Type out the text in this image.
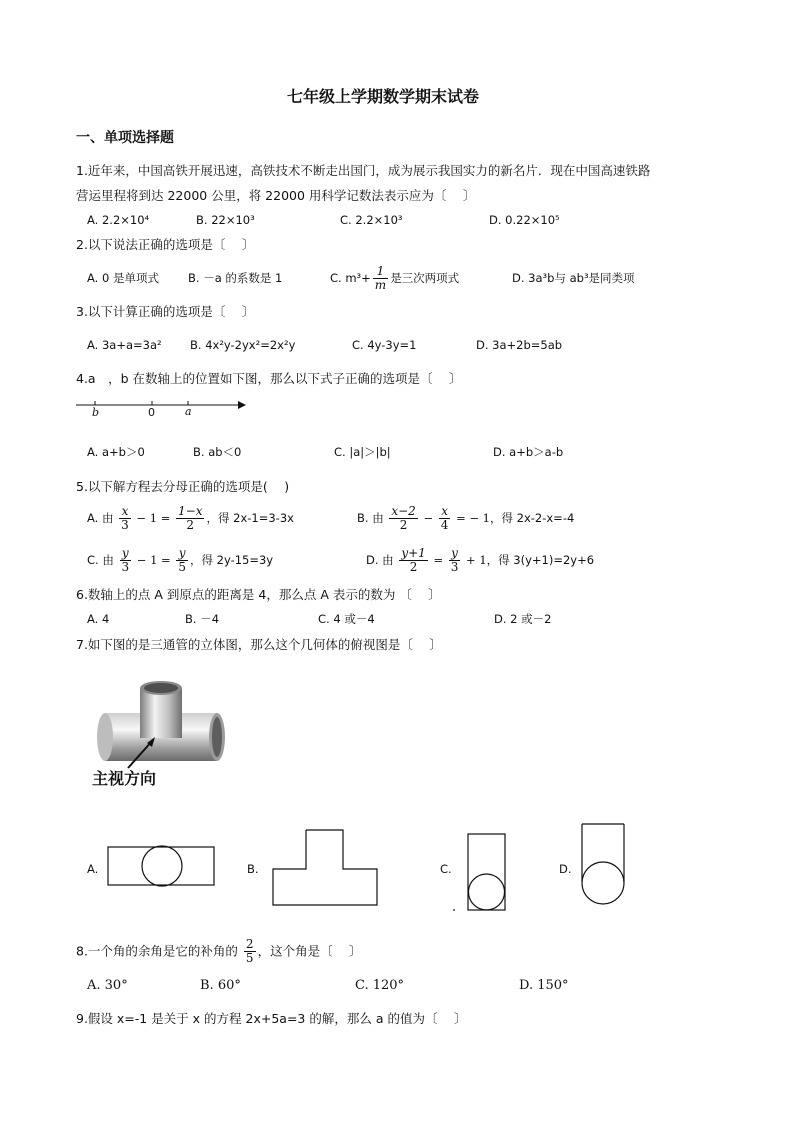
七年级上学期数学期末试卷
一、单项选择题
1.近年来，中国高铁开展迅速，高铁技术不断走出国门，成为展示我国实力的新名片．现在中国高速铁路
营运里程将到达 22000 公里，将 22000 用科学记数法表示应为〔　 〕
A. 2.2×10⁴	B. 22×10³	C. 2.2×10³	D. 0.22×10⁵
2.以下说法正确的选项是〔　 〕
A. 0 是单项式	B. －a 的系数是 1	C. $m^3+ \frac{1}{m}$ 是三次两项式	D. 3a³b与 ab³是同类项
3.以下计算正确的选项是〔　 〕
A. 3a+a=3a² B. 4x²y-2yx²=2x²y	C. 4y-3y=1	D. 3a+2b=5ab
4.a　，b 在数轴上的位置如下图，那么以下式子正确的选项是〔　 〕
b	0	a
A. a+b＞0	B. ab＜0	C. |a|＞|b|	D. a+b＞a-b
5.以下解方程去分母正确的选项是(　 )
A. 由 $\frac{x}{3} - 1 = \frac{1-x}{2}$ ，得 2x-1=3-3x	B. 由 $\frac{x-2}{2} - \frac{x}{4}$ = − 1，得 2x-2-x=-4
C. 由 $\frac{y}{3} - 1 = \frac{y}{5}$ ，得 2y-15=3y	D. 由 $\frac{y+1}{2} = \frac{y}{3} + 1$，得 3(y+1)=2y+6
6.数轴上的点 A 到原点的距离是 4，那么点 A 表示的数为 〔　 〕
A. 4	B. －4	C. 4 或－4	D. 2 或－2
7.如下图的是三通管的立体图，那么这个几何体的俯视图是〔　 〕
主视方向
A.	B.	C.	D.
8.一个角的余角是它的补角的 $\frac{2}{5}$ ，这个角是〔　 〕
A. 30°	B. 60°	C. 120°	D. 150°
9.假设 x=-1 是关于 x 的方程 2x+5a=3 的解，那么 a 的值为〔　 〕
